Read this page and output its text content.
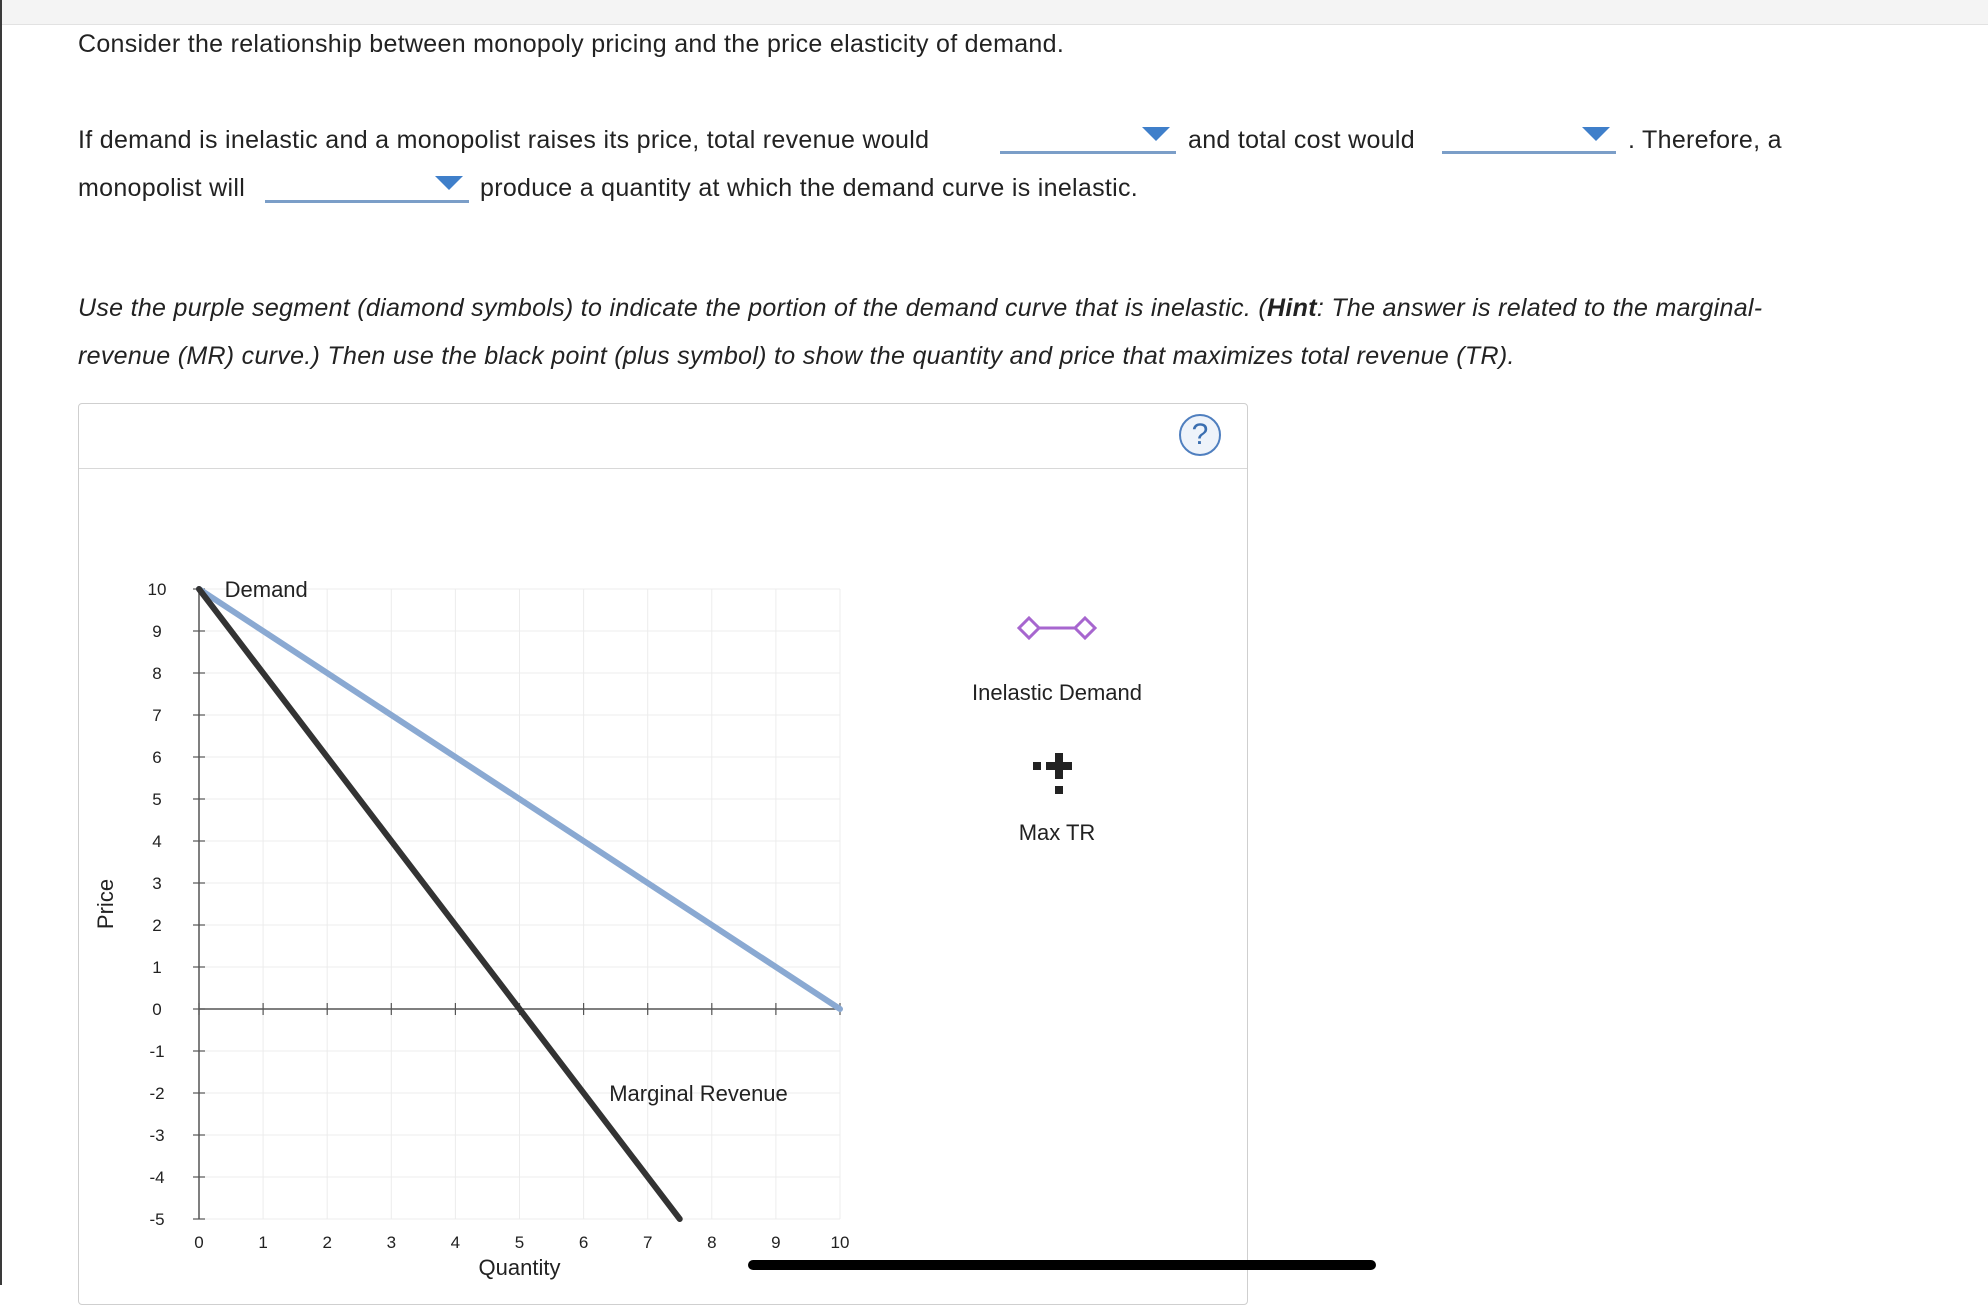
Consider the relationship between monopoly pricing and the price elasticity of demand.
If demand is inelastic and a monopolist raises its price, total revenue would	and total cost would	. Therefore, a
monopolist will	produce a quantity at which the demand curve is inelastic.
Use the purple segment (diamond symbols) to indicate the portion of the demand curve that is inelastic. (Hint: The answer is related to the marginal-
revenue (MR) curve.) Then use the black point (plus symbol) to show the quantity and price that maximizes total revenue (TR).
?
10
9
8
7
6
5
4
3
2
1
0
-1
-2
-3
-4
-5
0	1	2	3	4	5	6	7	8	9	10
Quantity
Price
Demand
Marginal Revenue
Inelastic Demand
Max TR
